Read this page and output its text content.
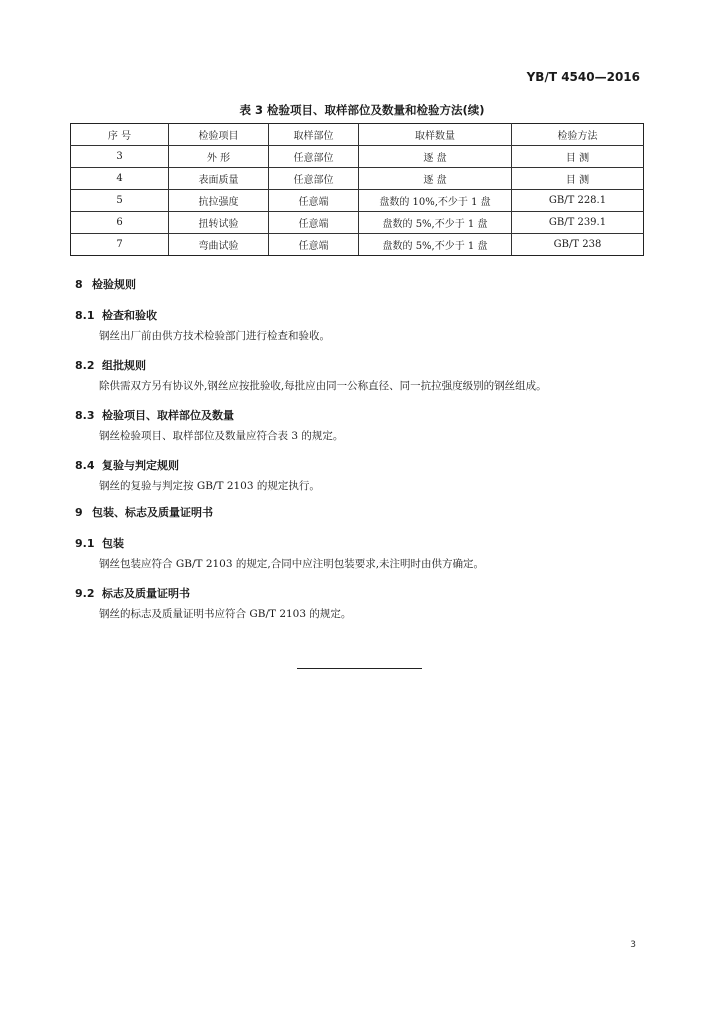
YB/T 4540—2016
表 3 检验项目、取样部位及数量和检验方法(续)
序 号	检验项目	取样部位	取样数量	检验方法
3	外 形	任意部位	逐 盘	目 测
4	表面质量	任意部位	逐 盘	目 测
5	抗拉强度	任意端	盘数的 10%,不少于 1 盘	GB/T 228.1
6	扭转试验	任意端	盘数的 5%,不少于 1 盘	GB/T 239.1
7	弯曲试验	任意端	盘数的 5%,不少于 1 盘	GB/T 238
8 检验规则
8.1 检查和验收

钢丝出厂前由供方技术检验部门进行检查和验收。

8.2 组批规则

除供需双方另有协议外,钢丝应按批验收,每批应由同一公称直径、同一抗拉强度级别的钢丝组成。

8.3 检验项目、取样部位及数量

钢丝检验项目、取样部位及数量应符合表 3 的规定。

8.4 复验与判定规则

钢丝的复验与判定按 GB/T 2103 的规定执行。

9 包装、标志及质量证明书
9.1 包装

钢丝包装应符合 GB/T 2103 的规定,合同中应注明包装要求,未注明时由供方确定。

9.2 标志及质量证明书

钢丝的标志及质量证明书应符合 GB/T 2103 的规定。

3
